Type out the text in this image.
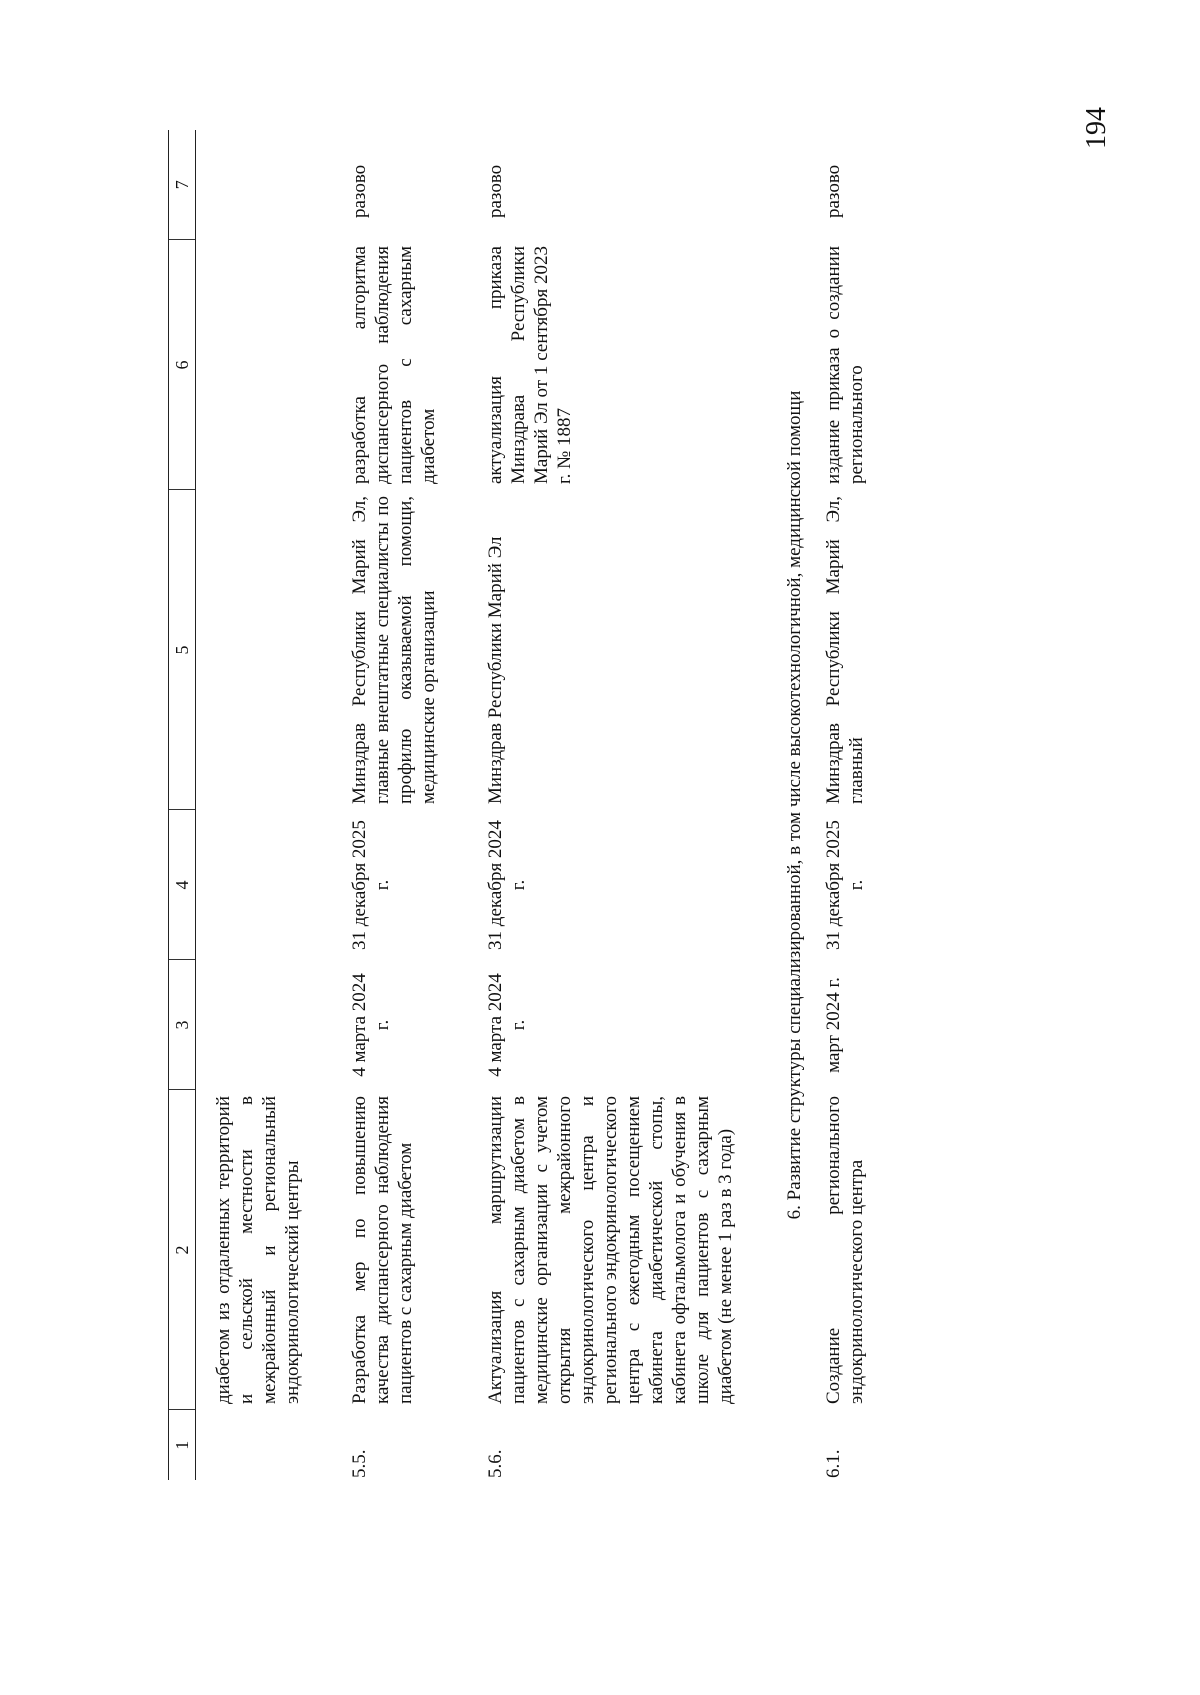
194
1	2	3	4	5	6	7
	диабетом из отдаленных территорий и сельской местности в межрайонный и региональный эндокринологический центры					
5.5.	Разработка мер по повышению качества диспансерного наблюдения пациентов с сахарным диабетом	4 марта 2024 г.	31 декабря 2025 г.	Минздрав Республики Марий Эл, главные внештатные специалисты по профилю оказываемой помощи, медицинские организации	разработка алгоритма диспансерного наблюдения пациентов с сахарным диабетом	разово
5.6.	Актуализация маршрутизации пациентов с сахарным диабетом в медицинские организации с учетом открытия межрайонного эндокринологического центра и регионального эндокринологического центра с ежегодным посещением кабинета диабетической стопы, кабинета офтальмолога и обучения в школе для пациентов с сахарным диабетом (не менее 1 раз в 3 года)	4 марта 2024 г.	31 декабря 2024 г.	Минздрав Республики Марий Эл	актуализация приказа Минздрава Республики Марий Эл от 1 сентября 2023 г. № 1887	разово
6. Развитие структуры специализированной, в том числе высокотехнологичной, медицинской помощи						
6.1.	Создание регионального эндокринологического центра	март 2024 г.	31 декабря 2025 г.	Минздрав Республики Марий Эл, главный	издание приказа о создании регионального	разово
